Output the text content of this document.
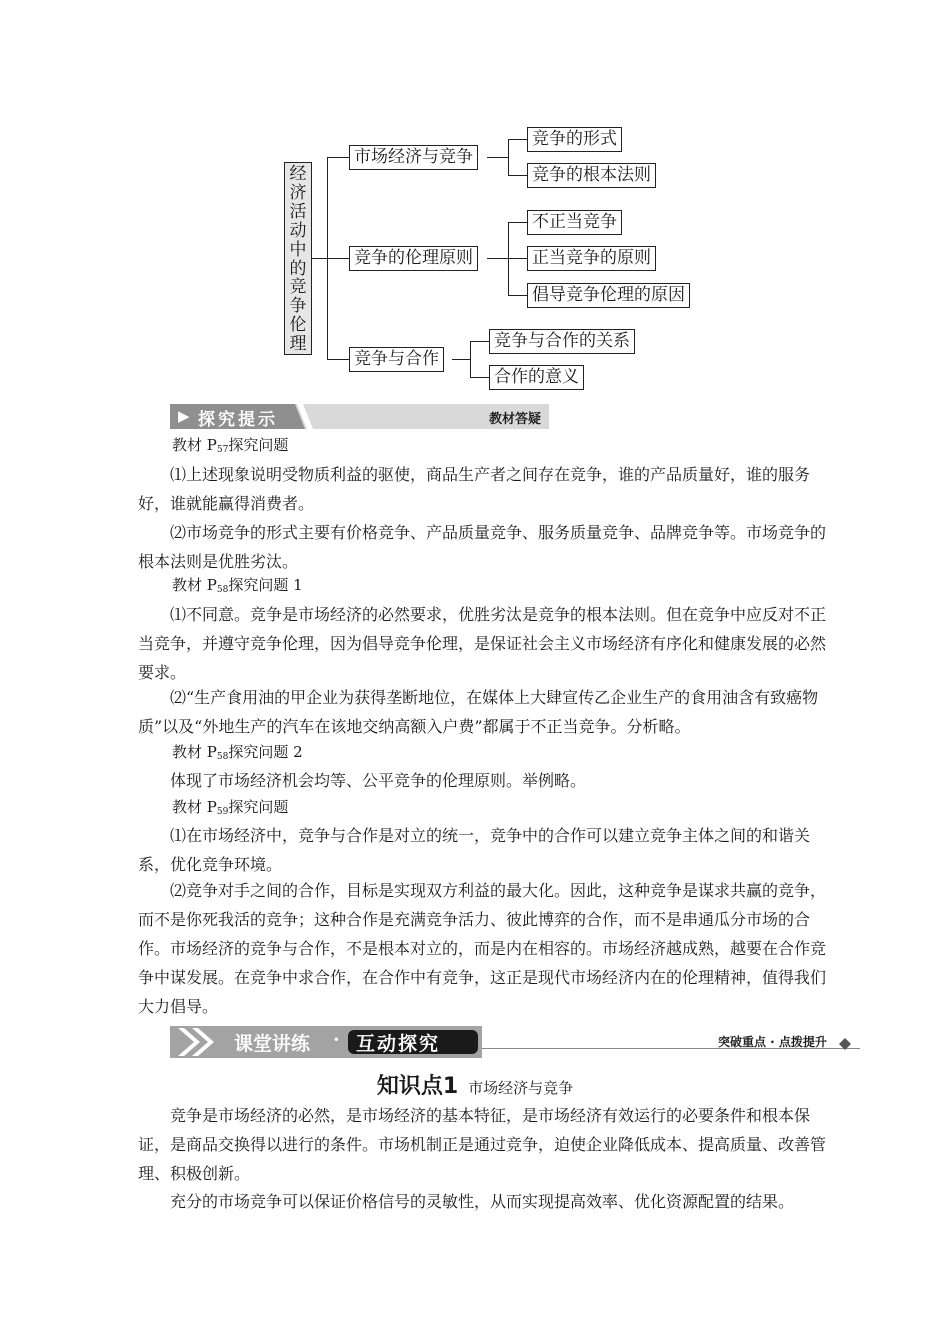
经
济
活
动
中
的
竞
争
伦
理
市场经济与竞争
竞争的形式
竞争的根本法则
竞争的伦理原则
不正当竞争
正当竞争的原则
倡导竞争伦理的原因
竞争与合作
竞争与合作的关系
合作的意义
▶ 探究提示	教材答疑
教材 $P_{57}$探究问题

⑴上述现象说明受物质利益的驱使，商品生产者之间存在竞争，谁的产品质量好，谁的服务好，谁就能赢得消费者。

⑵市场竞争的形式主要有价格竞争、产品质量竞争、服务质量竞争、品牌竞争等。市场竞争的根本法则是优胜劣汰。

教材 $P_{58}$探究问题 1

⑴不同意。竞争是市场经济的必然要求，优胜劣汰是竞争的根本法则。但在竞争中应反对不正当竞争，并遵守竞争伦理，因为倡导竞争伦理，是保证社会主义市场经济有序化和健康发展的必然要求。

⑵“生产食用油的甲企业为获得垄断地位，在媒体上大肆宣传乙企业生产的食用油含有致癌物质”以及“外地生产的汽车在该地交纳高额入户费”都属于不正当竞争。分析略。

教材 $P_{58}$探究问题 2

体现了市场经济机会均等、公平竞争的伦理原则。举例略。

教材 $P_{59}$探究问题

⑴在市场经济中，竞争与合作是对立的统一，竞争中的合作可以建立竞争主体之间的和谐关系，优化竞争环境。

⑵竞争对手之间的合作，目标是实现双方利益的最大化。因此，这种竞争是谋求共赢的竞争，而不是你死我活的竞争；这种合作是充满竞争活力、彼此博弈的合作，而不是串通瓜分市场的合作。市场经济的竞争与合作，不是根本对立的，而是内在相容的。市场经济越成熟，越要在合作竞争中谋发展。在竞争中求合作，在合作中有竞争，这正是现代市场经济内在的伦理精神，值得我们大力倡导。

课堂讲练 · 互动探究	突破重点 · 点拨提升
知识点1 市场经济与竞争

竞争是市场经济的必然，是市场经济的基本特征，是市场经济有效运行的必要条件和根本保证，是商品交换得以进行的条件。市场机制正是通过竞争，迫使企业降低成本、提高质量、改善管理、积极创新。

充分的市场竞争可以保证价格信号的灵敏性，从而实现提高效率、优化资源配置的结果。
